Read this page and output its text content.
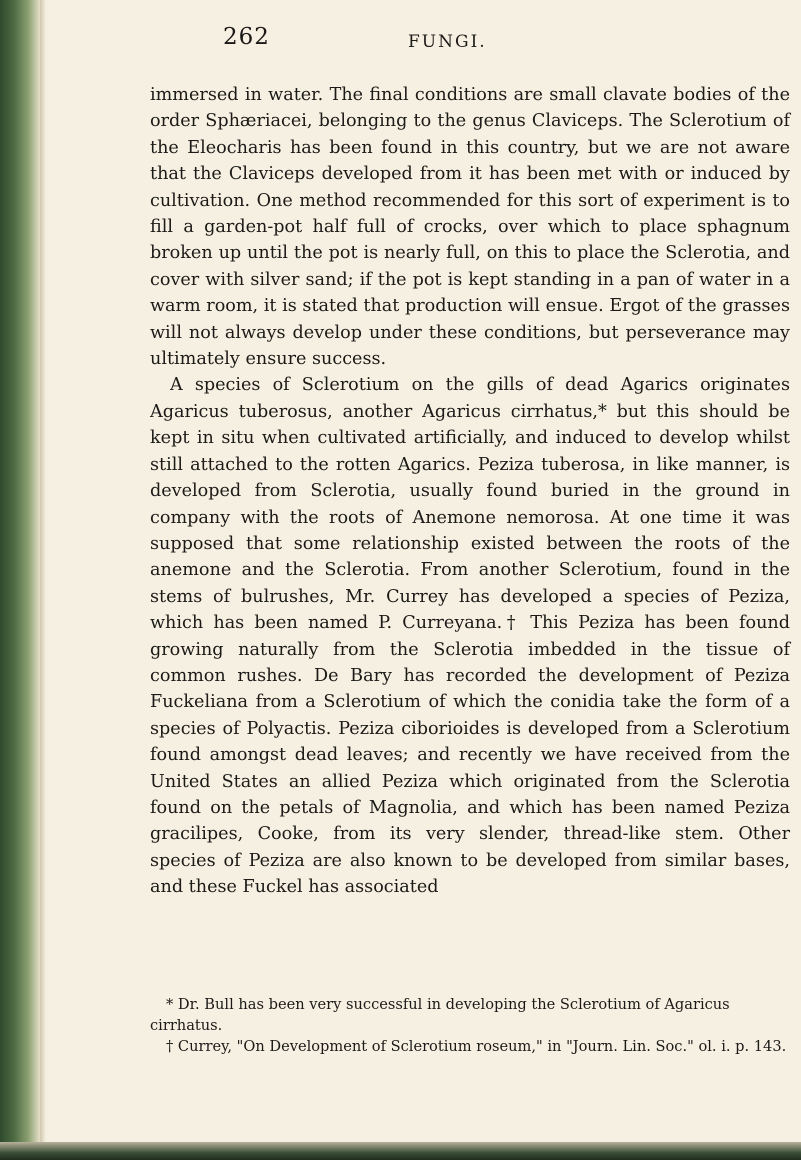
262	FUNGI.

immersed in water. The final conditions are small clavate bodies of the order Sphæriacei, belonging to the genus Claviceps. The Sclerotium of the Eleocharis has been found in this country, but we are not aware that the Claviceps developed from it has been met with or induced by cultivation. One method recommended for this sort of experiment is to fill a garden-pot half full of crocks, over which to place sphagnum broken up until the pot is nearly full, on this to place the Sclerotia, and cover with silver sand; if the pot is kept standing in a pan of water in a warm room, it is stated that production will ensue. Ergot of the grasses will not always develop under these conditions, but perseverance may ultimately ensure success.

A species of Sclerotium on the gills of dead Agarics originates Agaricus tuberosus, another Agaricus cirrhatus,* but this should be kept in situ when cultivated artificially, and induced to develop whilst still attached to the rotten Agarics. Peziza tuberosa, in like manner, is developed from Sclerotia, usually found buried in the ground in company with the roots of Anemone nemorosa. At one time it was supposed that some relationship existed between the roots of the anemone and the Sclerotia. From another Sclerotium, found in the stems of bulrushes, Mr. Currey has developed a species of Peziza, which has been named P. Curreyana.† This Peziza has been found growing naturally from the Sclerotia imbedded in the tissue of common rushes. De Bary has recorded the development of Peziza Fuckeliana from a Sclerotium of which the conidia take the form of a species of Polyactis. Peziza ciborioides is developed from a Sclerotium found amongst dead leaves; and recently we have received from the United States an allied Peziza which originated from the Sclerotia found on the petals of Magnolia, and which has been named Peziza gracilipes, Cooke, from its very slender, thread-like stem. Other species of Peziza are also known to be developed from similar bases, and these Fuckel has associated

* Dr. Bull has been very successful in developing the Sclerotium of Agaricus cirrhatus.

† Currey, "On Development of Sclerotium roseum," in "Journ. Lin. Soc." ol. i. p. 143.
